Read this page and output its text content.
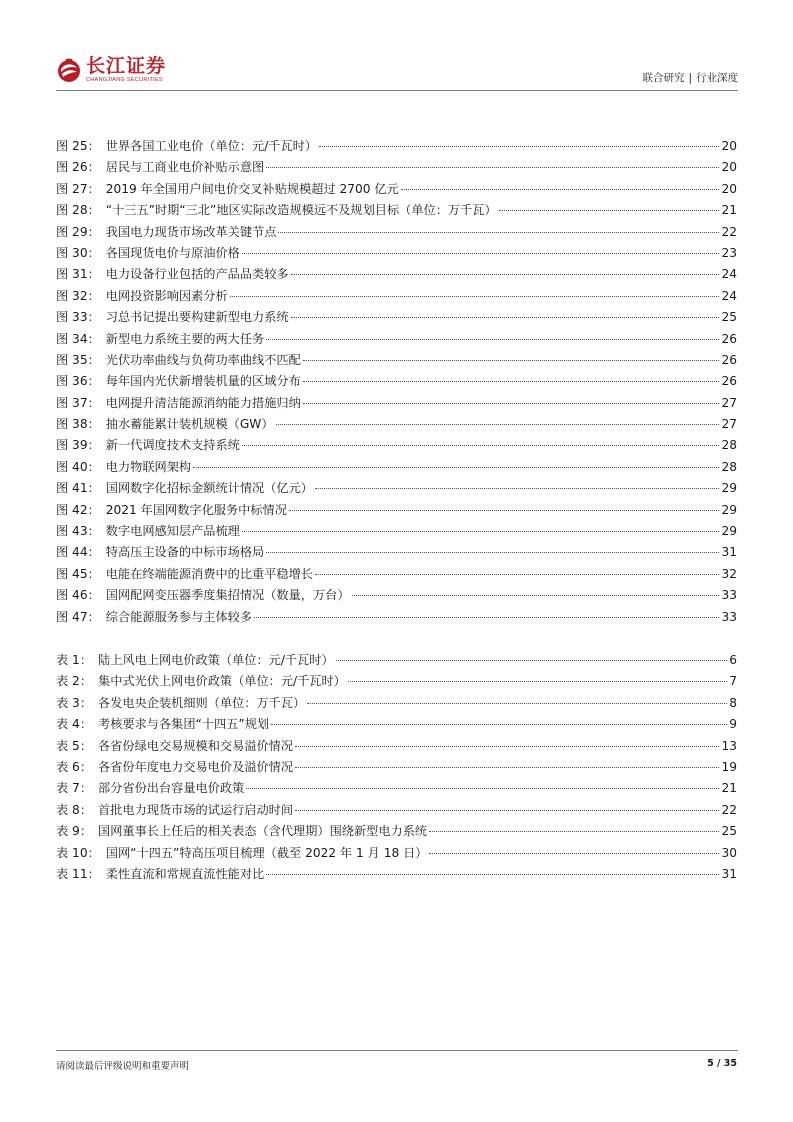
长江证券
CHANGJIANG SECURITIES	联合研究 | 行业深度
图 25： 世界各国工业电价（单位：元/千瓦时）	20
图 26： 居民与工商业电价补贴示意图	20
图 27： 2019 年全国用户间电价交叉补贴规模超过 2700 亿元	20
图 28： “十三五”时期“三北”地区实际改造规模远不及规划目标（单位：万千瓦）	21
图 29： 我国电力现货市场改革关键节点	22
图 30： 各国现货电价与原油价格	23
图 31： 电力设备行业包括的产品品类较多	24
图 32： 电网投资影响因素分析	24
图 33： 习总书记提出要构建新型电力系统	25
图 34： 新型电力系统主要的两大任务	26
图 35： 光伏功率曲线与负荷功率曲线不匹配	26
图 36： 每年国内光伏新增装机量的区域分布	26
图 37： 电网提升清洁能源消纳能力措施归纳	27
图 38： 抽水蓄能累计装机规模（GW）	27
图 39： 新一代调度技术支持系统	28
图 40： 电力物联网架构	28
图 41： 国网数字化招标金额统计情况（亿元）	29
图 42： 2021 年国网数字化服务中标情况	29
图 43： 数字电网感知层产品梳理	29
图 44： 特高压主设备的中标市场格局	31
图 45： 电能在终端能源消费中的比重平稳增长	32
图 46： 国网配网变压器季度集招情况（数量，万台）	33
图 47： 综合能源服务参与主体较多	33
表 1： 陆上风电上网电价政策（单位：元/千瓦时）	6
表 2： 集中式光伏上网电价政策（单位：元/千瓦时）	7
表 3： 各发电央企装机细则（单位：万千瓦）	8
表 4： 考核要求与各集团“十四五”规划	9
表 5： 各省份绿电交易规模和交易溢价情况	13
表 6： 各省份年度电力交易电价及溢价情况	19
表 7： 部分省份出台容量电价政策	21
表 8： 首批电力现货市场的试运行启动时间	22
表 9： 国网董事长上任后的相关表态（含代理期）围绕新型电力系统	25
表 10： 国网“十四五”特高压项目梳理（截至 2022 年 1 月 18 日）	30
表 11： 柔性直流和常规直流性能对比	31
请阅读最后评级说明和重要声明	5 / 35
